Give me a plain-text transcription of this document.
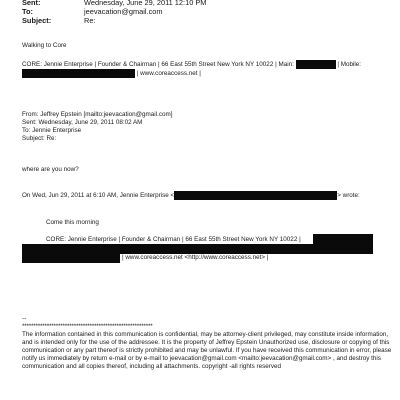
Sent:	Wednesday, June 29, 2011 12:10 PM
To:	jeevacation@gmail.com
Subject:	Re:
Walking to Core
CORE: Jennie Enterprise | Founder & Chairman | 66 East 55th Street New York NY 10022 | Main:	| Mobile:
| www.coreaccess.net |
From: Jeffrey Epstein [mailto:jeevacation@gmail.com]
Sent: Wednesday, June 29, 2011 08:02 AM
To: Jennie Enterprise
Subject: Re:
where are you now?
On Wed, Jun 29, 2011 at 6:10 AM, Jennie Enterprise <	> wrote:
Come this morning
CORE: Jennie Enterprise | Founder & Chairman | 66 East 55th Street New York NY 10022 |
| www.coreaccess.net <http://www.coreaccess.net> |
--
**********************************************************
The information contained in this communication is confidential, may be attorney-client privileged, may constitute inside information, and is intended only for the use of the addressee. It is the property of Jeffrey Epstein Unauthorized use, disclosure or copying of this communication or any part thereof is strictly prohibited and may be unlawful. If you have received this communication in error, please notify us immediately by return e-mail or by e-mail to jeevacation@gmail.com <mailto:jeevacation@gmail.com> , and destroy this communication and all copies thereof, including all attachments. copyright -all rights reserved
